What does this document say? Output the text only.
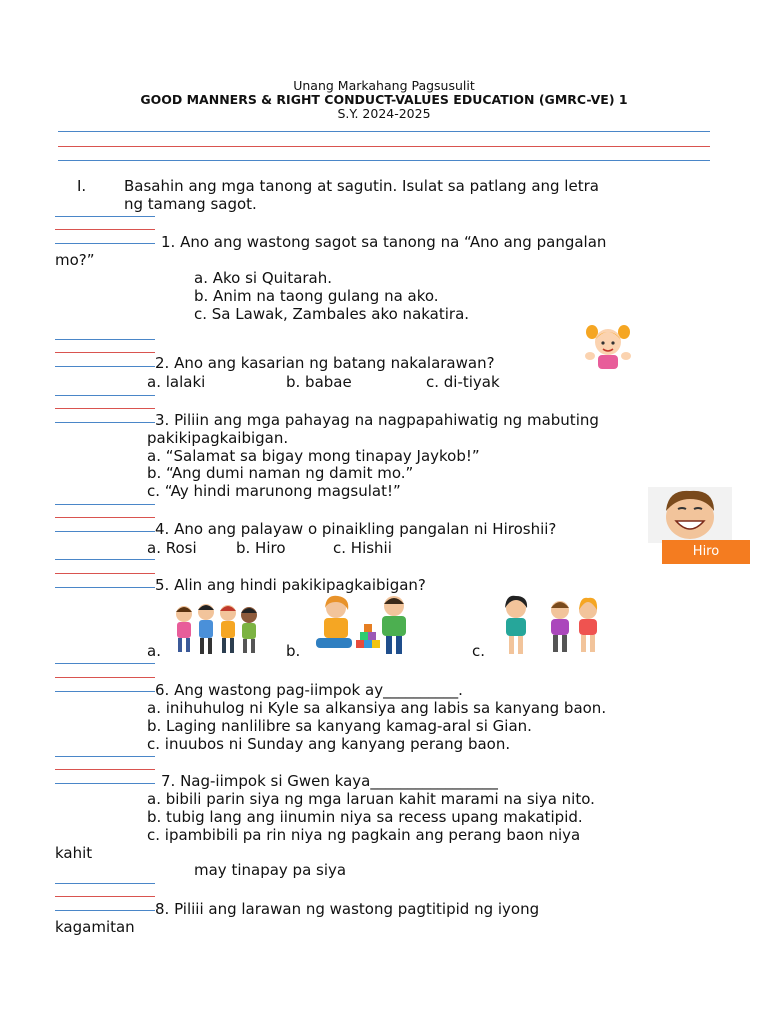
Unang Markahang Pagsusulit
GOOD MANNERS & RIGHT CONDUCT-VALUES EDUCATION (GMRC-VE) 1
S.Y. 2024-2025
I.	Basahin ang mga tanong at sagutin. Isulat sa patlang ang letra
ng tamang sagot.
1. Ano ang wastong sagot sa tanong na “Ano ang pangalan
mo?”
a. Ako si Quitarah.
b. Anim na taong gulang na ako.
c. Sa Lawak, Zambales ako nakatira.
2. Ano ang kasarian ng batang nakalarawan?
a. lalaki	b. babae	c. di-tiyak
3. Piliin ang mga pahayag na nagpapahiwatig ng mabuting
pakikipagkaibigan.
a. “Salamat sa bigay mong tinapay Jaykob!”
b. “Ang dumi naman ng damit mo.”
c. “Ay hindi marunong magsulat!”
4. Ano ang palayaw o pinaikling pangalan ni Hiroshii?
a. Rosi	b. Hiro	c. Hishii	Hiro
5. Alin ang hindi pakikipagkaibigan?
a.	b.	c.
6. Ang wastong pag-iimpok ay__________.
a. inihuhulog ni Kyle sa alkansiya ang labis sa kanyang baon.
b. Laging nanlilibre sa kanyang kamag-aral si Gian.
c. inuubos ni Sunday ang kanyang perang baon.
7. Nag-iimpok si Gwen kaya_________________
a. bibili parin siya ng mga laruan kahit marami na siya nito.
b. tubig lang ang iinumin niya sa recess upang makatipid.
c. ipambibili pa rin niya ng pagkain ang perang baon niya
kahit
may tinapay pa siya
8. Piliii ang larawan ng wastong pagtitipid ng iyong
kagamitan
